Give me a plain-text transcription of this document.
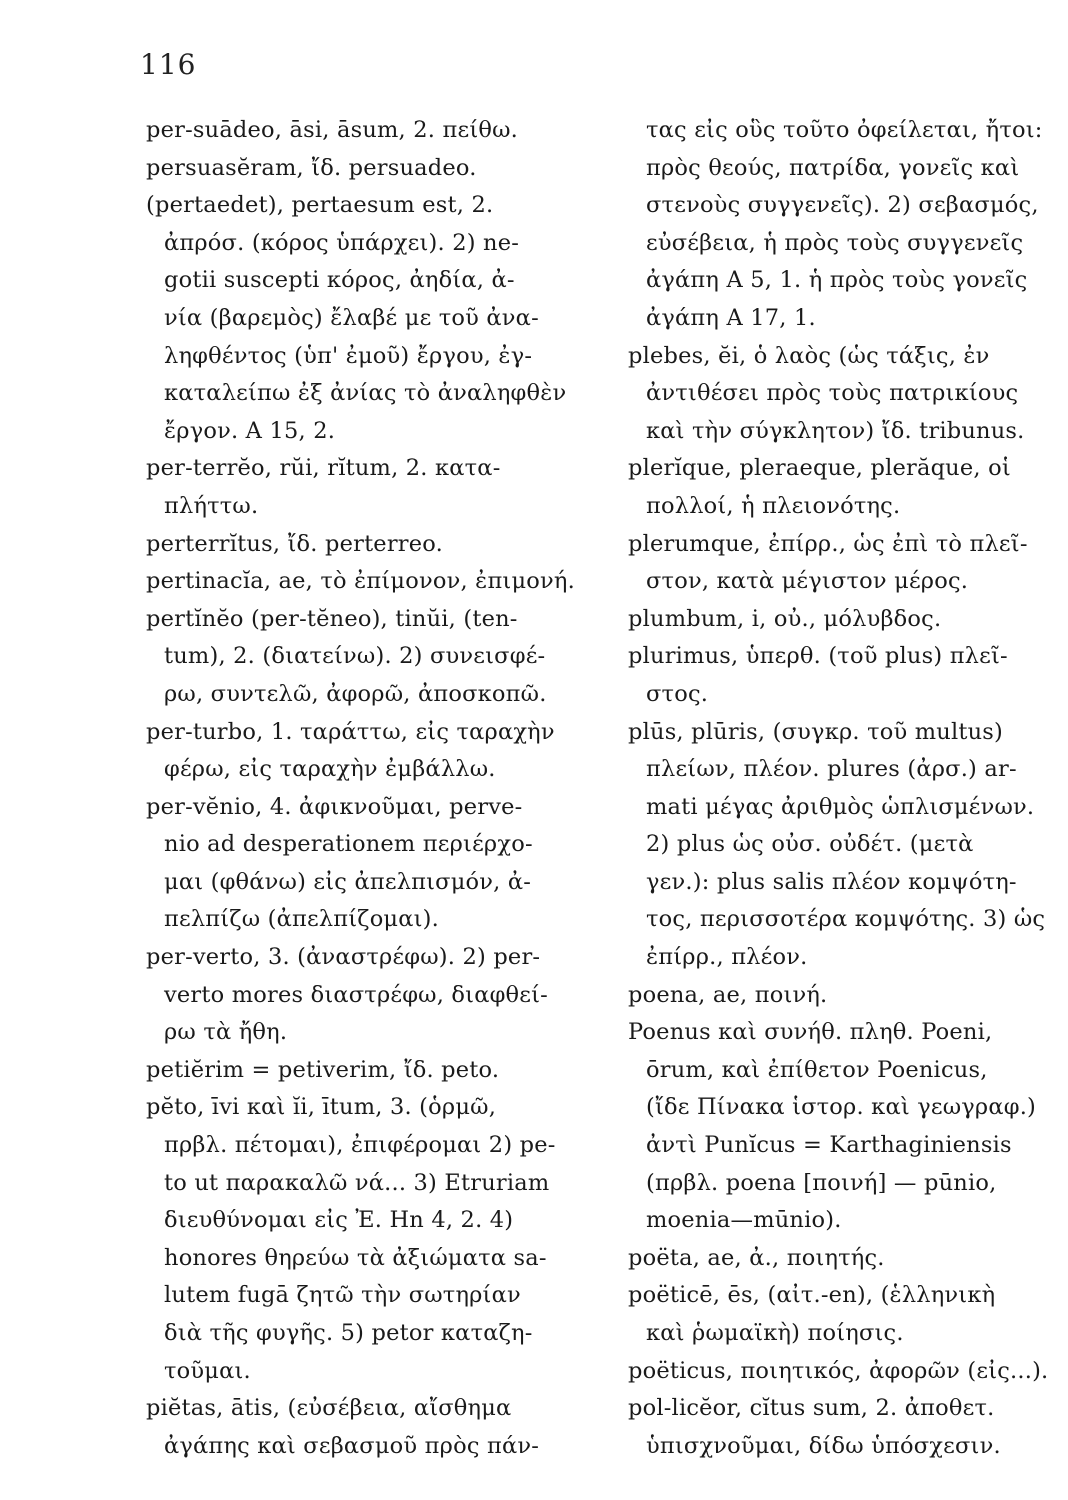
116
per-suādeo, āsi, āsum, 2. πείθω.
persuasĕram, ἴδ. persuadeo.
(pertaedet), pertaesum est, 2.
ἀπρόσ. (κόρος ὑπάρχει). 2) ne-
gotii suscepti κόρος, ἀηδία, ἀ-
νία (βαρεμὸς) ἔλαβέ με τοῦ ἀνα-
ληφθέντος (ὑπ' ἐμοῦ) ἔργου, ἐγ-
καταλείπω ἐξ ἀνίας τὸ ἀναληφθὲν
ἔργον. A 15, 2.
per-terrĕo, rŭi, rĭtum, 2. κατα-
πλήττω.
perterrĭtus, ἴδ. perterreo.
pertinacĭa, ae, τὸ ἐπίμονον, ἐπιμονή.
pertĭnĕo (per-tĕneo), tinŭi, (ten-
tum), 2. (διατείνω). 2) συνεισφέ-
ρω, συντελῶ, ἀφορῶ, ἀποσκοπῶ.
per-turbo, 1. ταράττω, εἰς ταραχὴν
φέρω, εἰς ταραχὴν ἐμβάλλω.
per-vĕnio, 4. ἀφικνοῦμαι, perve-
nio ad desperationem περιέρχο-
μαι (φθάνω) εἰς ἀπελπισμόν, ἀ-
πελπίζω (ἀπελπίζομαι).
per-verto, 3. (ἀναστρέφω). 2) per-
verto mores διαστρέφω, διαφθεί-
ρω τὰ ἤθη.
petiĕrim = petiverim, ἴδ. peto.
pĕto, īvi καὶ ĭi, ītum, 3. (ὁρμῶ,
πρβλ. πέτομαι), ἐπιφέρομαι 2) pe-
to ut παρακαλῶ νά... 3) Etruriam
διευθύνομαι εἰς Ἐ. Hn 4, 2. 4)
honores θηρεύω τὰ ἀξιώματα sa-
lutem fugā ζητῶ τὴν σωτηρίαν
διὰ τῆς φυγῆς. 5) petor καταζη-
τοῦμαι.
piĕtas, ātis, (εὐσέβεια, αἴσθημα
ἀγάπης καὶ σεβασμοῦ πρὸς πάν-
τας εἰς οὓς τοῦτο ὀφείλεται, ἤτοι:
πρὸς θεούς, πατρίδα, γονεῖς καὶ
στενοὺς συγγενεῖς). 2) σεβασμός,
εὐσέβεια, ἡ πρὸς τοὺς συγγενεῖς
ἀγάπη A 5, 1. ἡ πρὸς τοὺς γονεῖς
ἀγάπη A 17, 1.
plebes, ĕi, ὁ λαὸς (ὡς τάξις, ἐν
ἀντιθέσει πρὸς τοὺς πατρικίους
καὶ τὴν σύγκλητον) ἴδ. tribunus.
plerĭque, pleraeque, plerăque, οἱ
πολλοί, ἡ πλειονότης.
plerumque, ἐπίρρ., ὡς ἐπὶ τὸ πλεῖ-
στον, κατὰ μέγιστον μέρος.
plumbum, i, οὐ., μόλυβδος.
plurimus, ὑπερθ. (τοῦ plus) πλεῖ-
στος.
plūs, plūris, (συγκρ. τοῦ multus)
πλείων, πλέον. plures (ἀρσ.) ar-
mati μέγας ἀριθμὸς ὡπλισμένων.
2) plus ὡς οὐσ. οὐδέτ. (μετὰ
γεν.): plus salis πλέον κομψότη-
τος, περισσοτέρα κομψότης. 3) ὡς
ἐπίρρ., πλέον.
poena, ae, ποινή.
Poenus καὶ συνήθ. πληθ. Poeni,
ōrum, καὶ ἐπίθετον Poenicus,
(ἴδε Πίνακα ἱστορ. καὶ γεωγραφ.)
ἀντὶ Punĭcus = Karthaginiensis
(πρβλ. poena [ποινή] — pūnio,
moenia—mūnio).
poëta, ae, ἀ., ποιητής.
poëticē, ēs, (αἰτ.-en), (ἑλληνικὴ
καὶ ῥωμαϊκὴ) ποίησις.
poëticus, ποιητικός, ἀφορῶν (εἰς...).
pol-licĕor, cĭtus sum, 2. ἀποθετ.
ὑπισχνοῦμαι, δίδω ὑπόσχεσιν.
